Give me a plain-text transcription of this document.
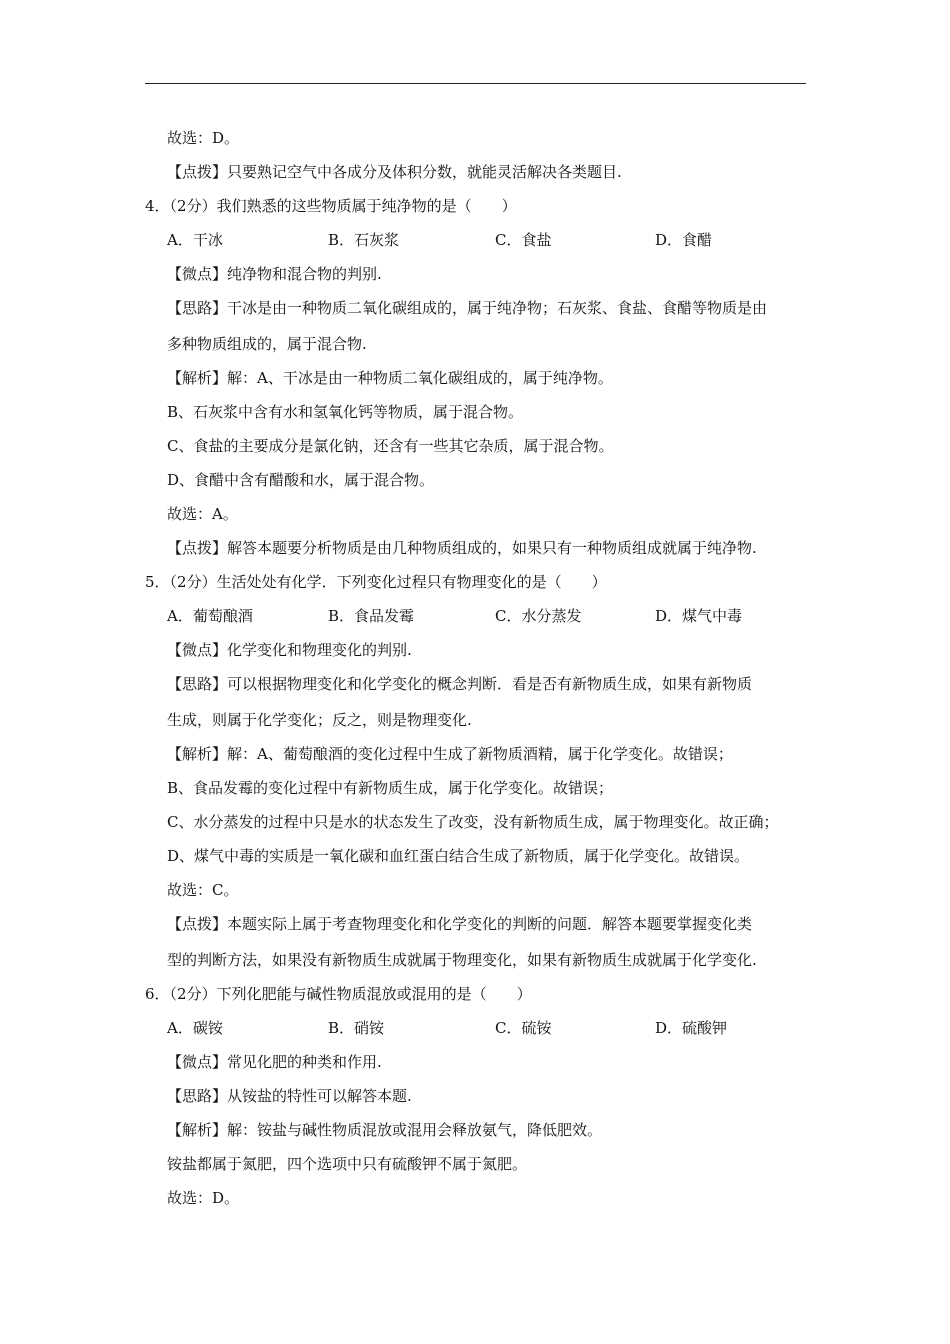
故选：D。
【点拨】只要熟记空气中各成分及体积分数，就能灵活解决各类题目.
4．（2分）我们熟悉的这些物质属于纯净物的是（　　）
A．干冰	B．石灰浆	C．食盐	D．食醋
【微点】纯净物和混合物的判别.
【思路】干冰是由一种物质二氧化碳组成的，属于纯净物；石灰浆、食盐、食醋等物质是由
多种物质组成的，属于混合物.
【解析】解：A、干冰是由一种物质二氧化碳组成的，属于纯净物。
B、石灰浆中含有水和氢氧化钙等物质，属于混合物。
C、食盐的主要成分是氯化钠，还含有一些其它杂质，属于混合物。
D、食醋中含有醋酸和水，属于混合物。
故选：A。
【点拨】解答本题要分析物质是由几种物质组成的，如果只有一种物质组成就属于纯净物.
5．（2分）生活处处有化学．下列变化过程只有物理变化的是（　　）
A．葡萄酿酒	B．食品发霉	C．水分蒸发	D．煤气中毒
【微点】化学变化和物理变化的判别.
【思路】可以根据物理变化和化学变化的概念判断．看是否有新物质生成，如果有新物质
生成，则属于化学变化；反之，则是物理变化.
【解析】解：A、葡萄酿酒的变化过程中生成了新物质酒精，属于化学变化。故错误；
B、食品发霉的变化过程中有新物质生成，属于化学变化。故错误；
C、水分蒸发的过程中只是水的状态发生了改变，没有新物质生成，属于物理变化。故正确；
D、煤气中毒的实质是一氧化碳和血红蛋白结合生成了新物质，属于化学变化。故错误。
故选：C。
【点拨】本题实际上属于考查物理变化和化学变化的判断的问题．解答本题要掌握变化类
型的判断方法，如果没有新物质生成就属于物理变化，如果有新物质生成就属于化学变化.
6．（2分）下列化肥能与碱性物质混放或混用的是（　　）
A．碳铵	B．硝铵	C．硫铵	D．硫酸钾
【微点】常见化肥的种类和作用.
【思路】从铵盐的特性可以解答本题.
【解析】解：铵盐与碱性物质混放或混用会释放氨气，降低肥效。
铵盐都属于氮肥，四个选项中只有硫酸钾不属于氮肥。
故选：D。
